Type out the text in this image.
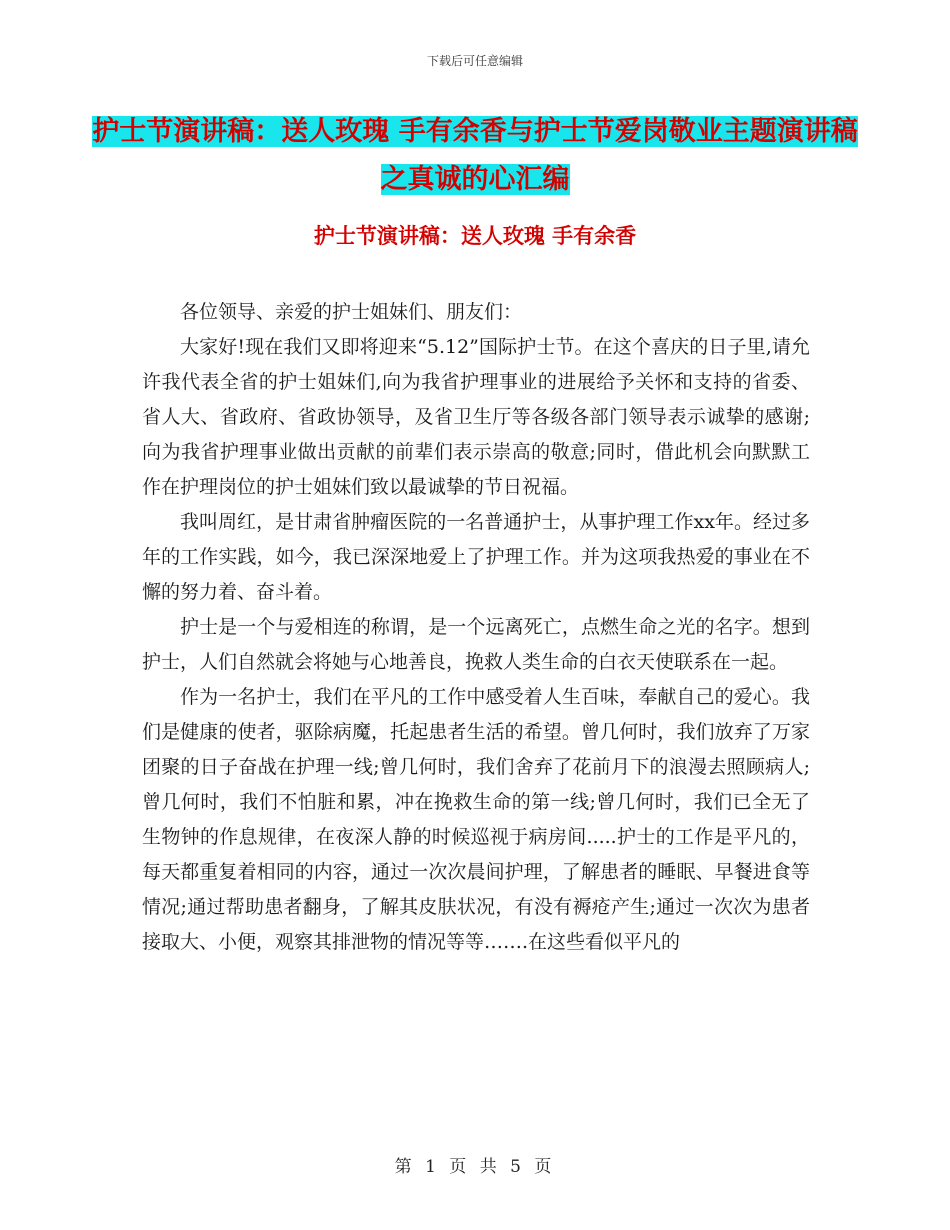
下载后可任意编辑
护士节演讲稿：送人玫瑰 手有余香与护士节爱岗敬业主题演讲稿之真诚的心汇编
护士节演讲稿：送人玫瑰 手有余香

各位领导、亲爱的护士姐妹们、朋友们：

大家好!现在我们又即将迎来“5.12”国际护士节。在这个喜庆的日子里,请允许我代表全省的护士姐妹们,向为我省护理事业的进展给予关怀和支持的省委、省人大、省政府、省政协领导，及省卫生厅等各级各部门领导表示诚挚的感谢;向为我省护理事业做出贡献的前辈们表示崇高的敬意;同时，借此机会向默默工作在护理岗位的护士姐妹们致以最诚挚的节日祝福。

我叫周红，是甘肃省肿瘤医院的一名普通护士，从事护理工作xx年。经过多年的工作实践，如今，我已深深地爱上了护理工作。并为这项我热爱的事业在不懈的努力着、奋斗着。

护士是一个与爱相连的称谓，是一个远离死亡，点燃生命之光的名字。想到护士，人们自然就会将她与心地善良，挽救人类生命的白衣天使联系在一起。

作为一名护士，我们在平凡的工作中感受着人生百味，奉献自己的爱心。我们是健康的使者，驱除病魔，托起患者生活的希望。曾几何时，我们放弃了万家团聚的日子奋战在护理一线;曾几何时，我们舍弃了花前月下的浪漫去照顾病人;曾几何时，我们不怕脏和累，冲在挽救生命的第一线;曾几何时，我们已全无了生物钟的作息规律，在夜深人静的时候巡视于病房间.....护士的工作是平凡的，每天都重复着相同的内容，通过一次次晨间护理，了解患者的睡眠、早餐进食等情况;通过帮助患者翻身，了解其皮肤状况，有没有褥疮产生;通过一次次为患者接取大、小便，观察其排泄物的情况等等…….在这些看似平凡的

第 1 页 共 5 页
